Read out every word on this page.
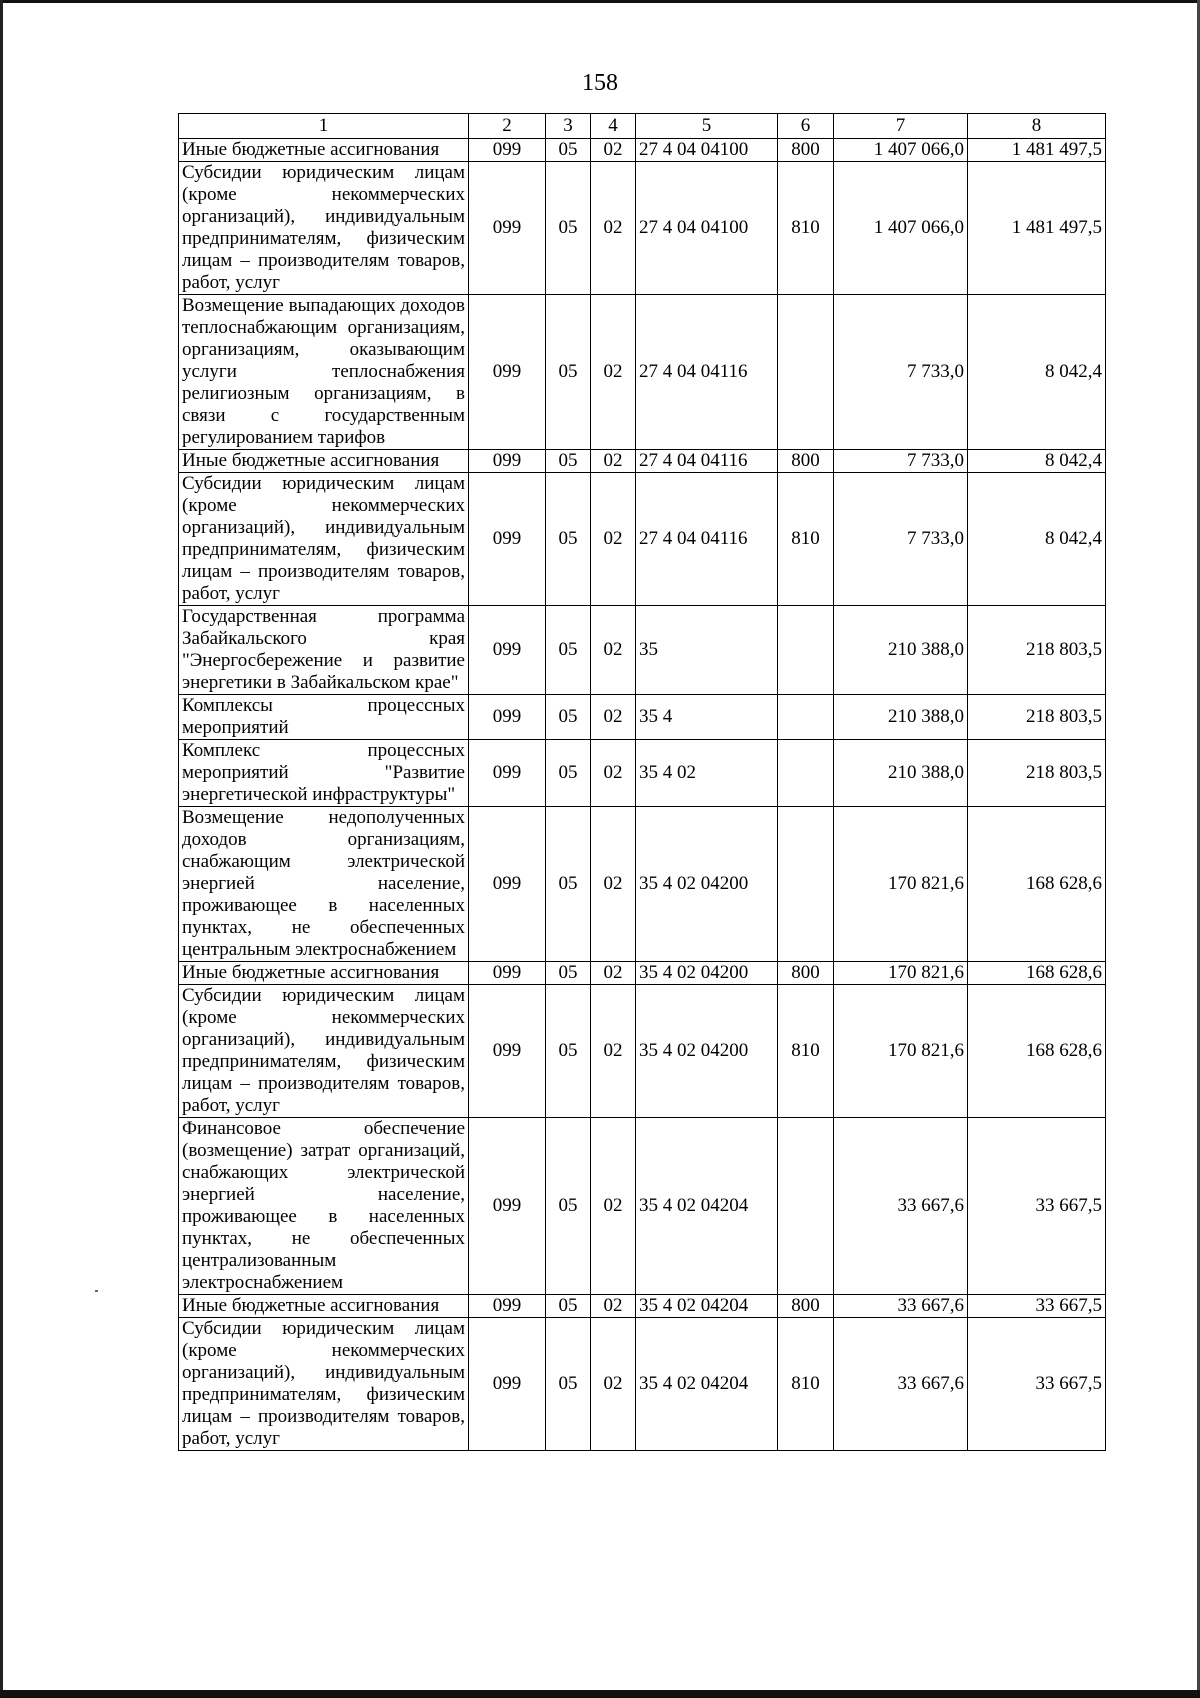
158
1	2	3	4	5	6	7	8
Иные бюджетные ассигнования	099	05	02	27 4 04 04100	800	1 407 066,0	1 481 497,5
Субсидии юридическим лицам (кроме некоммерческих организаций), индивидуальным предпринимателям, физическим лицам – производителям товаров, работ, услуг	099	05	02	27 4 04 04100	810	1 407 066,0	1 481 497,5
Возмещение выпадающих доходов теплоснабжающим организациям, организациям, оказывающим услуги теплоснабжения религиозным организациям, в связи с государственным регулированием тарифов	099	05	02	27 4 04 04116		7 733,0	8 042,4
Иные бюджетные ассигнования	099	05	02	27 4 04 04116	800	7 733,0	8 042,4
Субсидии юридическим лицам (кроме некоммерческих организаций), индивидуальным предпринимателям, физическим лицам – производителям товаров, работ, услуг	099	05	02	27 4 04 04116	810	7 733,0	8 042,4
Государственная программа Забайкальского края "Энергосбережение и развитие энергетики в Забайкальском крае"	099	05	02	35		210 388,0	218 803,5
Комплексы процессных мероприятий	099	05	02	35 4		210 388,0	218 803,5
Комплекс процессных мероприятий "Развитие энергетической инфраструктуры"	099	05	02	35 4 02		210 388,0	218 803,5
Возмещение недополученных доходов организациям, снабжающим электрической энергией население, проживающее в населенных пунктах, не обеспеченных центральным электроснабжением	099	05	02	35 4 02 04200		170 821,6	168 628,6
Иные бюджетные ассигнования	099	05	02	35 4 02 04200	800	170 821,6	168 628,6
Субсидии юридическим лицам (кроме некоммерческих организаций), индивидуальным предпринимателям, физическим лицам – производителям товаров, работ, услуг	099	05	02	35 4 02 04200	810	170 821,6	168 628,6
Финансовое обеспечение (возмещение) затрат организаций, снабжающих электрической энергией население, проживающее в населенных пунктах, не обеспеченных централизованным электроснабжением	099	05	02	35 4 02 04204		33 667,6	33 667,5
Иные бюджетные ассигнования	099	05	02	35 4 02 04204	800	33 667,6	33 667,5
Субсидии юридическим лицам (кроме некоммерческих организаций), индивидуальным предпринимателям, физическим лицам – производителям товаров, работ, услуг	099	05	02	35 4 02 04204	810	33 667,6	33 667,5
